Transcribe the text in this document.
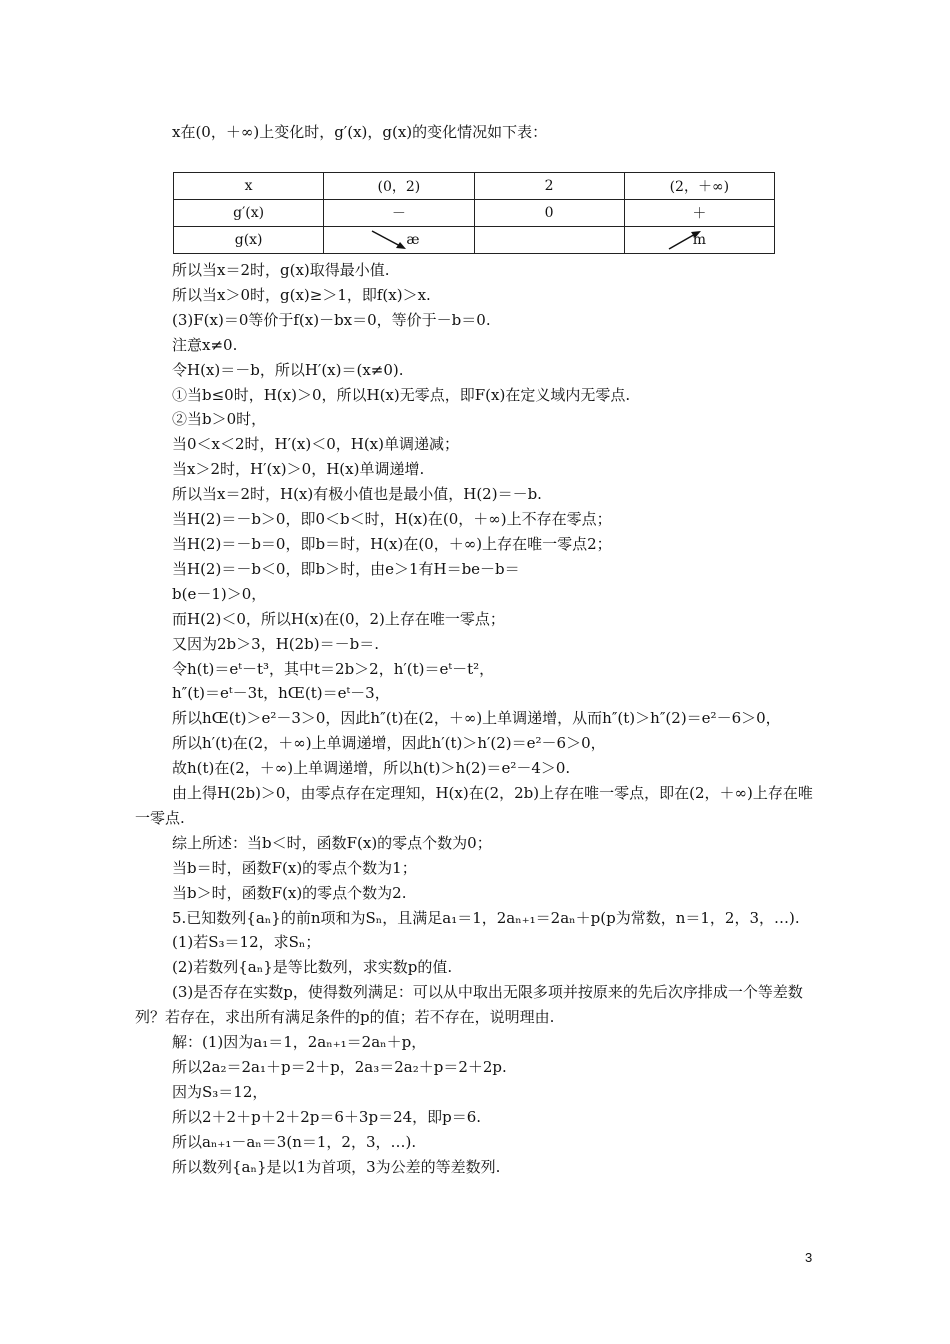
x在(0，＋∞)上变化时，g′(x)，g(x)的变化情况如下表：
x	(0，2)	2	(2，＋∞)
g′(x)	－	0	＋
g(x)	æ		m
所以当x＝2时，g(x)取得最小值.
所以当x＞0时，g(x)≥＞1，即f(x)＞x.
(3)F(x)＝0等价于f(x)－bx＝0，等价于－b＝0.
注意x≠0.
令H(x)＝－b，所以H′(x)＝(x≠0).
①当b≤0时，H(x)＞0，所以H(x)无零点，即F(x)在定义域内无零点.
②当b＞0时，
当0＜x＜2时，H′(x)＜0，H(x)单调递减；
当x＞2时，H′(x)＞0，H(x)单调递增.
所以当x＝2时，H(x)有极小值也是最小值，H(2)＝－b.
当H(2)＝－b＞0，即0＜b＜时，H(x)在(0，＋∞)上不存在零点；
当H(2)＝－b＝0，即b＝时，H(x)在(0，＋∞)上存在唯一零点2；
当H(2)＝－b＜0，即b＞时，由e＞1有H＝be－b＝
b(e－1)＞0，
而H(2)＜0，所以H(x)在(0，2)上存在唯一零点；
又因为2b＞3，H(2b)＝－b＝.
令h(t)＝eᵗ－t³，其中t＝2b＞2，h′(t)＝eᵗ－t²，
h″(t)＝eᵗ－3t，hŒ(t)＝eᵗ－3，
所以hŒ(t)＞e²－3＞0，因此h″(t)在(2，＋∞)上单调递增，从而h″(t)＞h″(2)＝e²－6＞0，
所以h′(t)在(2，＋∞)上单调递增，因此h′(t)＞h′(2)＝e²－6＞0，
故h(t)在(2，＋∞)上单调递增，所以h(t)＞h(2)＝e²－4＞0.
由上得H(2b)＞0，由零点存在定理知，H(x)在(2，2b)上存在唯一零点，即在(2，＋∞)上存在唯一零点.
综上所述：当b＜时，函数F(x)的零点个数为0；
当b＝时，函数F(x)的零点个数为1；
当b＞时，函数F(x)的零点个数为2.
5.已知数列{aₙ}的前n项和为Sₙ，且满足a₁＝1，2aₙ₊₁＝2aₙ＋p(p为常数，n＝1，2，3，…).
(1)若S₃＝12，求Sₙ；
(2)若数列{aₙ}是等比数列，求实数p的值.
(3)是否存在实数p，使得数列满足：可以从中取出无限多项并按原来的先后次序排成一个等差数列？若存在，求出所有满足条件的p的值；若不存在，说明理由.
解：(1)因为a₁＝1，2aₙ₊₁＝2aₙ＋p，
所以2a₂＝2a₁＋p＝2＋p，2a₃＝2a₂＋p＝2＋2p.
因为S₃＝12，
所以2＋2＋p＋2＋2p＝6＋3p＝24，即p＝6.
所以aₙ₊₁－aₙ＝3(n＝1，2，3，…).
所以数列{aₙ}是以1为首项，3为公差的等差数列.
3
